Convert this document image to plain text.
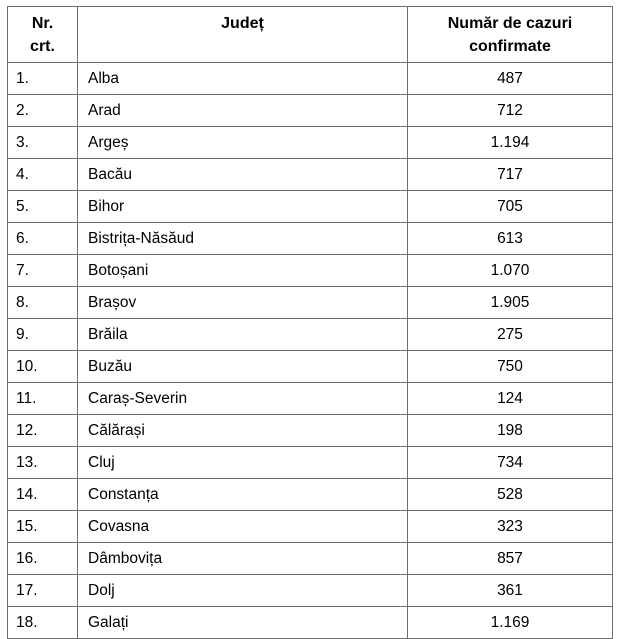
Nr. crt.	Județ	Număr de cazuri confirmate
1.	Alba	487
2.	Arad	712
3.	Argeș	1.194
4.	Bacău	717
5.	Bihor	705
6.	Bistrița-Năsăud	613
7.	Botoșani	1.070
8.	Brașov	1.905
9.	Brăila	275
10.	Buzău	750
11.	Caraș-Severin	124
12.	Călărași	198
13.	Cluj	734
14.	Constanța	528
15.	Covasna	323
16.	Dâmbovița	857
17.	Dolj	361
18.	Galați	1.169
